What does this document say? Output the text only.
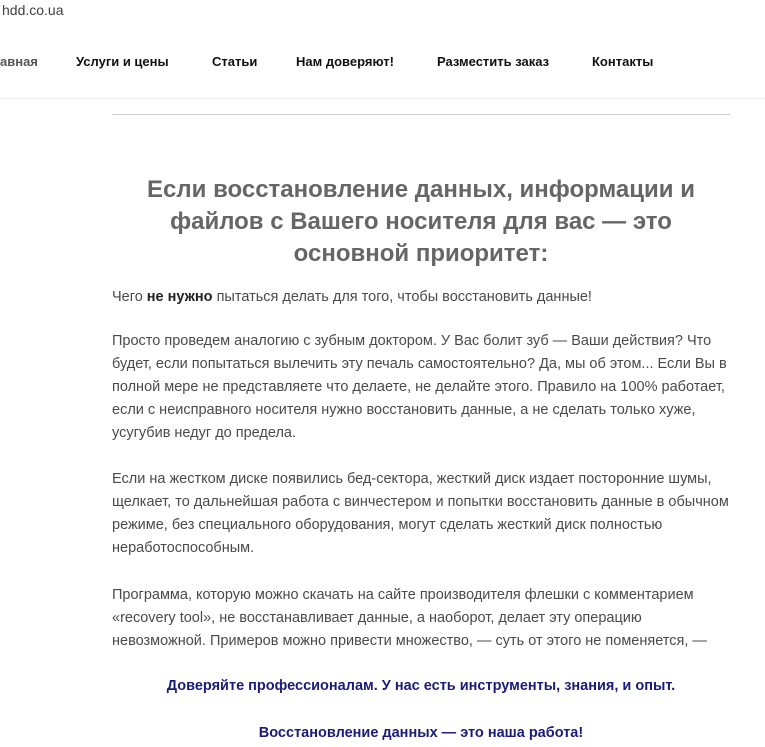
hdd.co.ua
авная	Услуги и цены	Статьи	Нам доверяют!	Разместить заказ	Контакты
Если восстановление данных, информации и файлов с Вашего носителя для вас — это основной приоритет:
Чего не нужно пытаться делать для того, чтобы восстановить данные!
Просто проведем аналогию с зубным доктором. У Вас болит зуб — Ваши действия? Что будет, если попытаться вылечить эту печаль самостоятельно? Да, мы об этом... Если Вы в полной мере не представляете что делаете, не делайте этого. Правило на 100% работает, если с неисправного носителя нужно восстановить данные, а не сделать только хуже, усугубив недуг до предела.
Если на жестком диске появились бед-сектора, жесткий диск издает посторонние шумы, щелкает, то дальнейшая работа с винчестером и попытки восстановить данные в обычном режиме, без специального оборудования, могут сделать жесткий диск полностью неработоспособным.
Программа, которую можно скачать на сайте производителя флешки с комментарием «recovery tool», не восстанавливает данные, а наоборот, делает эту операцию невозможной. Примеров можно привести множество, — суть от этого не поменяется, —
Доверяйте профессионалам. У нас есть инструменты, знания, и опыт.
Восстановление данных — это наша работа!
